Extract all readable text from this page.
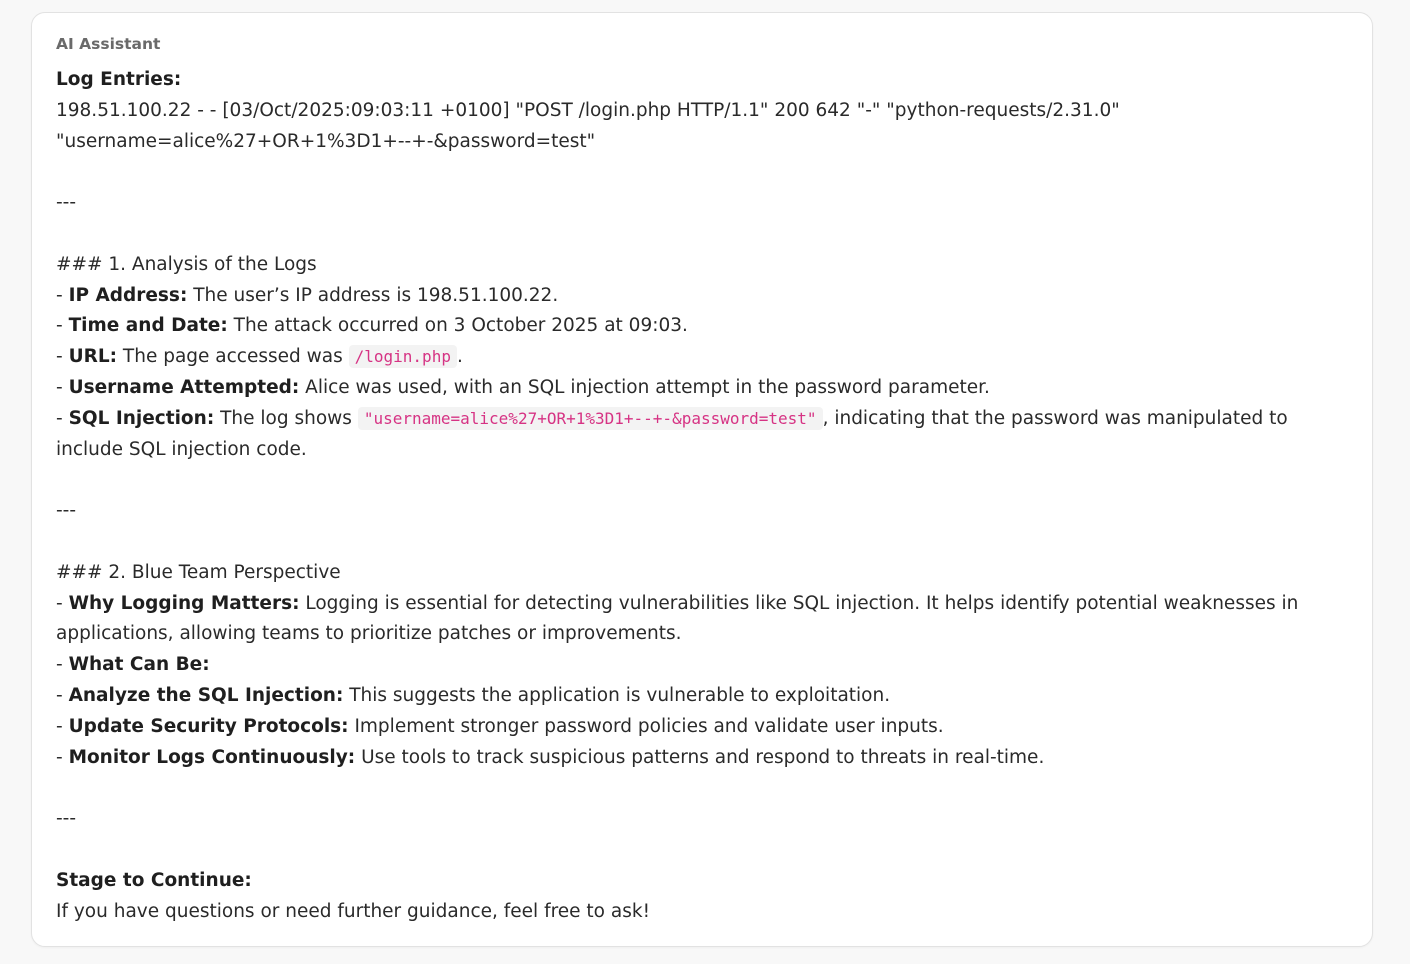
AI Assistant
Log Entries:
198.51.100.22 - - [03/Oct/2025:09:03:11 +0100] "POST /login.php HTTP/1.1" 200 642 "-" "python-requests/2.31.0"
"username=alice%27+OR+1%3D1+--+-&password=test"
---
### 1. Analysis of the Logs
- IP Address: The user’s IP address is 198.51.100.22.
- Time and Date: The attack occurred on 3 October 2025 at 09:03.
- URL: The page accessed was /login.php .
- Username Attempted: Alice was used, with an SQL injection attempt in the password parameter.
- SQL Injection: The log shows "username=alice%27+OR+1%3D1+--+-&password=test" , indicating that the password was manipulated to include SQL injection code.
---
### 2. Blue Team Perspective
- Why Logging Matters: Logging is essential for detecting vulnerabilities like SQL injection. It helps identify potential weaknesses in applications, allowing teams to prioritize patches or improvements.
- What Can Be:
- Analyze the SQL Injection: This suggests the application is vulnerable to exploitation.
- Update Security Protocols: Implement stronger password policies and validate user inputs.
- Monitor Logs Continuously: Use tools to track suspicious patterns and respond to threats in real-time.
---
Stage to Continue:
If you have questions or need further guidance, feel free to ask!
